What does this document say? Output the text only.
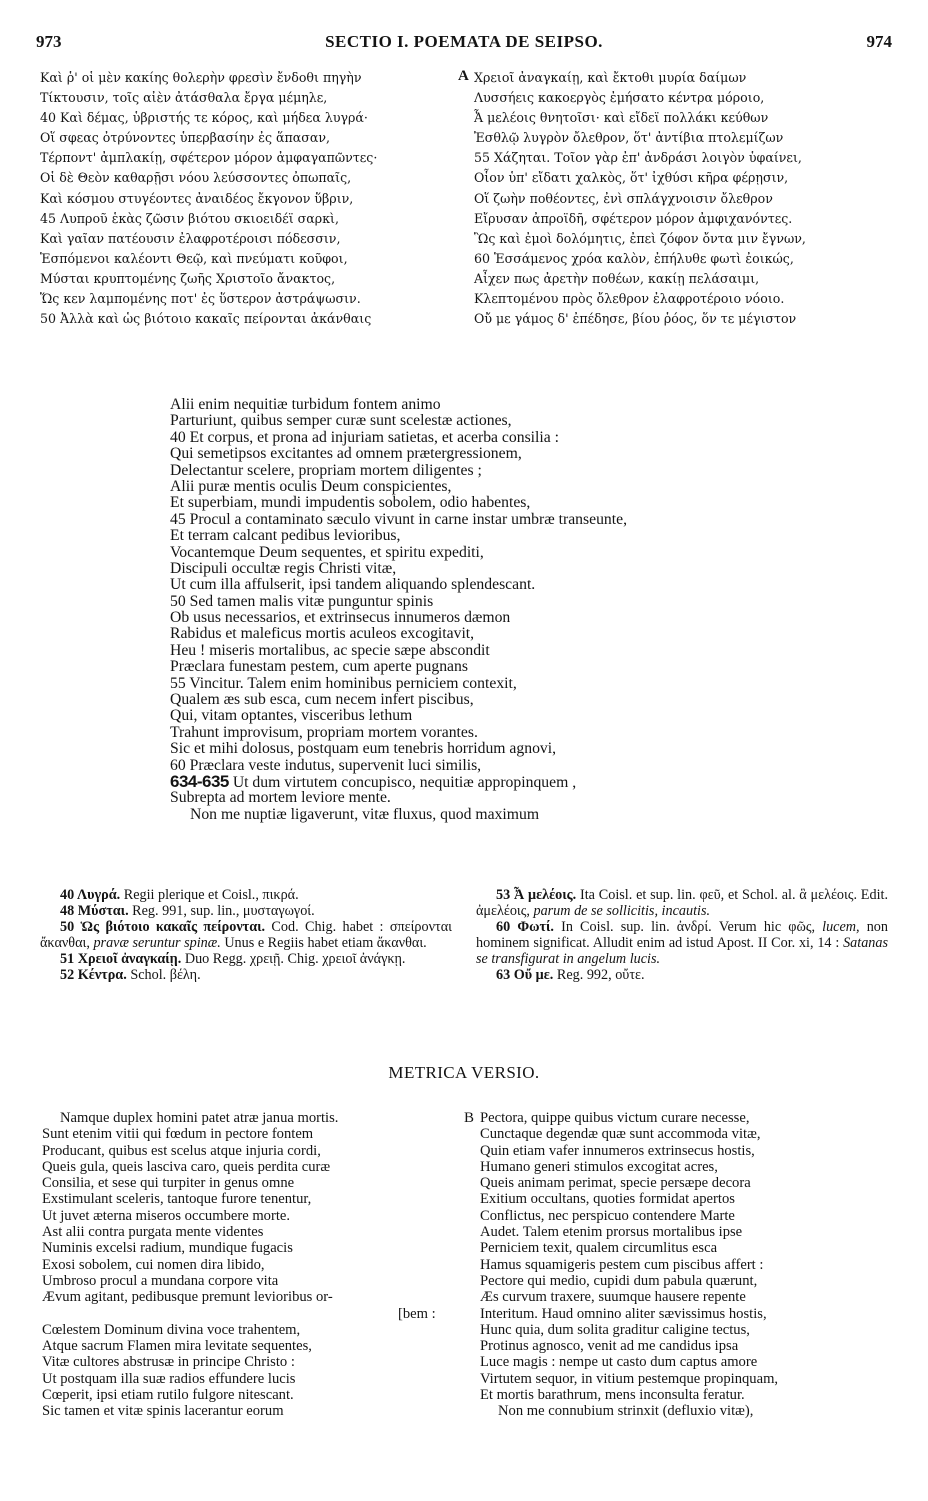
973	SECTIO I. POEMATA DE SEIPSO.	974
Καὶ ῥ' οἱ μὲν κακίης θολερὴν φρεσὶν ἔνδοθι πηγὴν
Τίκτουσιν, τοῖς αἰὲν ἀτάσθαλα ἔργα μέμηλε,
40 Καὶ δέμας, ὑβριστής τε κόρος, καὶ μήδεα λυγρά·
Οἵ σφεας ὀτρύνοντες ὑπερβασίην ἐς ἅπασαν,
Τέρποντ' ἀμπλακίῃ, σφέτερον μόρον ἀμφαγαπῶντες·
Οἱ δὲ Θεὸν καθαρῇσι νόου λεύσσοντες ὀπωπαῖς,
Καὶ κόσμου στυγέοντες ἀναιδέος ἔκγονον ὕβριν,
45 Λυπροῦ ἑκὰς ζῶσιν βιότου σκιοειδέϊ σαρκὶ,
Καὶ γαῖαν πατέουσιν ἐλαφροτέροισι πόδεσσιν,
Ἑσπόμενοι καλέοντι Θεῷ, καὶ πνεύματι κοῦφοι,
Μύσται κρυπτομένης ζωῆς Χριστοῖο ἄνακτος,
Ὥς κεν λαμπομένης ποτ' ἐς ὕστερον ἀστράψωσιν.
50 Ἀλλὰ καὶ ὡς βιότοιο κακαῖς πείρονται ἀκάνθαις
A Χρειοῖ ἀναγκαίῃ, καὶ ἔκτοθι μυρία δαίμων
Λυσσήεις κακοεργὸς ἐμήσατο κέντρα μόροιο,
Ἆ μελέοις θνητοῖσι· καὶ εἴδεϊ πολλάκι κεύθων
Ἐσθλῷ λυγρὸν ὄλεθρον, ὅτ' ἀντίβια πτολεμίζων
55 Χάζηται. Τοῖον γὰρ ἐπ' ἀνδράσι λοιγὸν ὑφαίνει,
Οἷον ὑπ' εἴδατι χαλκὸς, ὅτ' ἰχθύσι κῆρα φέρῃσιν,
Οἵ ζωὴν ποθέοντες, ἐνὶ σπλάγχνοισιν ὄλεθρον
Εἴρυσαν ἀπροϊδῆ, σφέτερον μόρον ἀμφιχανόντες.
Ὣς καὶ ἐμοὶ δολόμητις, ἐπεὶ ζόφον ὄντα μιν ἔγνων,
60 Ἑσσάμενος χρόα καλὸν, ἐπήλυθε φωτὶ ἐοικώς,
Αἶχεν πως ἀρετὴν ποθέων, κακίῃ πελάσαιμι,
Κλεπτομένου πρὸς ὄλεθρον ἐλαφροτέροιο νόοιο.
Οὔ με γάμος δ' ἐπέδησε, βίου ῥόος, ὅν τε μέγιστον
Alii enim nequitiæ turbidum fontem animo
Parturiunt, quibus semper curæ sunt scelestæ actiones,
40 Et corpus, et prona ad injuriam satietas, et acerba consilia :
Qui semetipsos excitantes ad omnem prætergressionem,
Delectantur scelere, propriam mortem diligentes ;
Alii puræ mentis oculis Deum conspicientes,
Et superbiam, mundi impudentis sobolem, odio habentes,
45 Procul a contaminato sæculo vivunt in carne instar umbræ transeunte,
Et terram calcant pedibus levioribus,
Vocantemque Deum sequentes, et spiritu expediti,
Discipuli occultæ regis Christi vitæ,
Ut cum illa affulserit, ipsi tandem aliquando splendescant.
50 Sed tamen malis vitæ punguntur spinis
Ob usus necessarios, et extrinsecus innumeros dæmon
Rabidus et maleficus mortis aculeos excogitavit,
Heu ! miseris mortalibus, ac specie sæpe abscondit
Præclara funestam pestem, cum aperte pugnans
55 Vincitur. Talem enim hominibus perniciem contexit,
Qualem æs sub esca, cum necem infert piscibus,
Qui, vitam optantes, visceribus lethum
Trahunt improvisum, propriam mortem vorantes.
Sic et mihi dolosus, postquam eum tenebris horridum agnovi,
60 Præclara veste indutus, supervenit luci similis,
634-635 Ut dum virtutem concupisco, nequitiæ appropinquem ,
Subrepta ad mortem leviore mente.
Non me nuptiæ ligaverunt, vitæ fluxus, quod maximum
40 Λυγρά. Regii plerique et Coisl., πικρά.
48 Μύσται. Reg. 991, sup. lin., μυσταγωγοί.
50 Ὡς βιότοιο κακαῖς πείρονται. Cod. Chig. habet : σπείρονται ἄκανθαι, pravæ seruntur spinæ. Unus e Regiis habet etiam ἄκανθαι.
51 Χρειοῖ ἀναγκαίῃ. Duo Regg. χρειῇ. Chig. χρειοῖ ἀνάγκῃ.
52 Κέντρα. Schol. βέλη.
53 Ἆ μελέοις. Ita Coisl. et sup. lin. φεῦ, et Schol. al. ἃ μελέοις. Edit. ἀμελέοις, parum de se sollicitis, incautis.
60 Φωτί. In Coisl. sup. lin. ἀνδρί. Verum hic φῶς, lucem, non hominem significat. Alludit enim ad istud Apost. II Cor. xi, 14 : Satanas se transfigurat in angelum lucis.
63 Οὔ με. Reg. 992, οὔτε.
METRICA VERSIO.
Namque duplex homini patet atræ janua mortis.
Sunt etenim vitii qui fœdum in pectore fontem
Producant, quibus est scelus atque injuria cordi,
Queis gula, queis lasciva caro, queis perdita curæ
Consilia, et sese qui turpiter in genus omne
Exstimulant sceleris, tantoque furore tenentur,
Ut juvet æterna miseros occumbere morte.
Ast alii contra purgata mente videntes
Numinis excelsi radium, mundique fugacis
Exosi sobolem, cui nomen dira libido,
Umbroso procul a mundana corpore vita
Ævum agitant, pedibusque premunt levioribus or-
[bem :
Cœlestem Dominum divina voce trahentem,
Atque sacrum Flamen mira levitate sequentes,
Vitæ cultores abstrusæ in principe Christo :
Ut postquam illa suæ radios effundere lucis
Cœperit, ipsi etiam rutilo fulgore nitescant.
Sic tamen et vitæ spinis lacerantur eorum
B Pectora, quippe quibus victum curare necesse,
Cunctaque degendæ quæ sunt accommoda vitæ,
Quin etiam vafer innumeros extrinsecus hostis,
Humano generi stimulos excogitat acres,
Queis animam perimat, specie persæpe decora
Exitium occultans, quoties formidat apertos
Conflictus, nec perspicuo contendere Marte
Audet. Talem etenim prorsus mortalibus ipse
Perniciem texit, qualem circumlitus esca
Hamus squamigeris pestem cum piscibus affert :
Pectore qui medio, cupidi dum pabula quærunt,
Æs curvum traxere, suumque hausere repente
Interitum. Haud omnino aliter sævissimus hostis,
Hunc quia, dum solita graditur caligine tectus,
Protinus agnosco, venit ad me candidus ipsa
Luce magis : nempe ut casto dum captus amore
Virtutem sequor, in vitium pestemque propinquam,
Et mortis barathrum, mens inconsulta feratur.
Non me connubium strinxit (defluxio vitæ),
